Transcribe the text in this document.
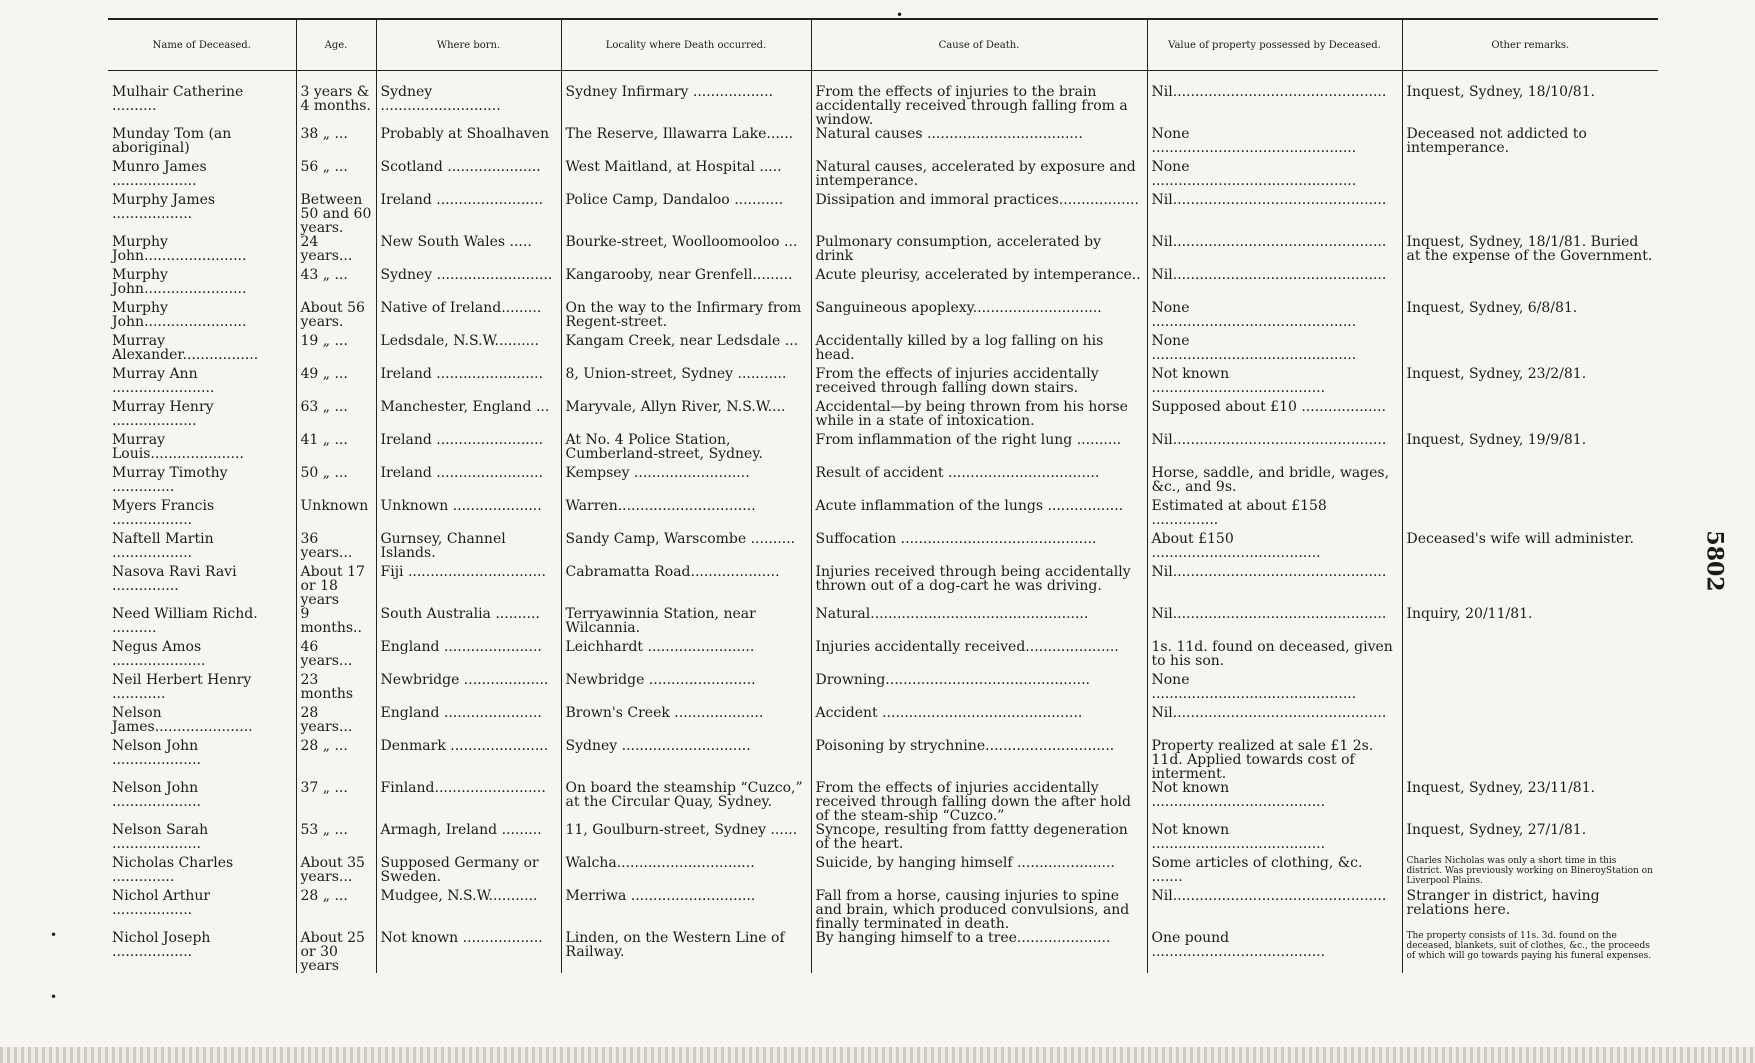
•
Name of Deceased.	Age.	Where born.	Locality where Death occurred.	Cause of Death.	Value of property possessed by Deceased.	Other remarks.
Mulhair Catherine ..........	3 years & 4 months.	Sydney ...........................	Sydney Infirmary ..................	From the effects of injuries to the brain accidentally received through falling from a window.	Nil................................................	Inquest, Sydney, 18/10/81.
Munday Tom (an aboriginal)	38 „ ...	Probably at Shoalhaven	The Reserve, Illawarra Lake......	Natural causes ...................................	None ..............................................	Deceased not addicted to intemperance.
Munro James ...................	56 „ ...	Scotland .....................	West Maitland, at Hospital .....	Natural causes, accelerated by exposure and intemperance.	None ..............................................	
Murphy James ..................	Between 50 and 60 years.	Ireland ........................	Police Camp, Dandaloo ...........	Dissipation and immoral practices..................	Nil................................................	
Murphy John.......................	24 years...	New South Wales .....	Bourke-street, Woolloomooloo ...	Pulmonary consumption, accelerated by drink	Nil................................................	Inquest, Sydney, 18/1/81. Buried at the expense of the Government.
Murphy John.......................	43 „ ...	Sydney ..........................	Kangarooby, near Grenfell.........	Acute pleurisy, accelerated by intemperance..	Nil................................................	
Murphy John.......................	About 56 years.	Native of Ireland.........	On the way to the Infirmary from Regent-street.	Sanguineous apoplexy.............................	None ..............................................	Inquest, Sydney, 6/8/81.
Murray Alexander.................	19 „ ...	Ledsdale, N.S.W..........	Kangam Creek, near Ledsdale ...	Accidentally killed by a log falling on his head.	None ..............................................	
Murray Ann .......................	49 „ ...	Ireland ........................	8, Union-street, Sydney ...........	From the effects of injuries accidentally received through falling down stairs.	Not known .......................................	Inquest, Sydney, 23/2/81.
Murray Henry ...................	63 „ ...	Manchester, England ...	Maryvale, Allyn River, N.S.W....	Accidental—by being thrown from his horse while in a state of intoxication.	Supposed about £10 ...................	
Murray Louis.....................	41 „ ...	Ireland ........................	At No. 4 Police Station, Cumberland-street, Sydney.	From inflammation of the right lung ..........	Nil................................................	Inquest, Sydney, 19/9/81.
Murray Timothy ..............	50 „ ...	Ireland ........................	Kempsey ..........................	Result of accident ..................................	Horse, saddle, and bridle, wages, &c., and 9s.	
Myers Francis ..................	Unknown	Unknown ....................	Warren...............................	Acute inflammation of the lungs .................	Estimated at about £158 ...............	
Naftell Martin ..................	36 years...	Gurnsey, Channel Islands.	Sandy Camp, Warscombe ..........	Suffocation ............................................	About £150 ......................................	Deceased's wife will administer.
Nasova Ravi Ravi ...............	About 17 or 18 years	Fiji ...............................	Cabramatta Road....................	Injuries received through being accidentally thrown out of a dog-cart he was driving.	Nil................................................	
Need William Richd. ..........	9 months..	South Australia ..........	Terryawinnia Station, near Wilcannia.	Natural.................................................	Nil................................................	Inquiry, 20/11/81.
Negus Amos .....................	46 years...	England ......................	Leichhardt ........................	Injuries accidentally received.....................	1s. 11d. found on deceased, given to his son.	
Neil Herbert Henry ............	23 months	Newbridge ...................	Newbridge ........................	Drowning..............................................	None ..............................................	
Nelson James......................	28 years...	England ......................	Brown's Creek ....................	Accident .............................................	Nil................................................	
Nelson John ....................	28 „ ...	Denmark ......................	Sydney .............................	Poisoning by strychnine.............................	Property realized at sale £1 2s. 11d. Applied towards cost of interment.	
Nelson John ....................	37 „ ...	Finland.........................	On board the steamship “Cuzco,” at the Circular Quay, Sydney.	From the effects of injuries accidentally received through falling down the after hold of the steam-ship “Cuzco.”	Not known .......................................	Inquest, Sydney, 23/11/81.
Nelson Sarah ....................	53 „ ...	Armagh, Ireland .........	11, Goulburn-street, Sydney ......	Syncope, resulting from fattty degeneration of the heart.	Not known .......................................	Inquest, Sydney, 27/1/81.
Nicholas Charles ..............	About 35 years...	Supposed Germany or Sweden.	Walcha...............................	Suicide, by hanging himself ......................	Some articles of clothing, &c. .......	Charles Nicholas was only a short time in this district. Was previously working on BineroyStation on Liverpool Plains.
Nichol Arthur ..................	28 „ ...	Mudgee, N.S.W...........	Merriwa ............................	Fall from a horse, causing injuries to spine and brain, which produced convulsions, and finally terminated in death.	Nil................................................	Stranger in district, having relations here.
Nichol Joseph ..................	About 25 or 30 years	Not known ..................	Linden, on the Western Line of Railway.	By hanging himself to a tree.....................	One pound .......................................	The property consists of 11s. 3d. found on the deceased, blankets, suit of clothes, &c., the proceeds of which will go towards paying his funeral expenses.
5802
•
•
